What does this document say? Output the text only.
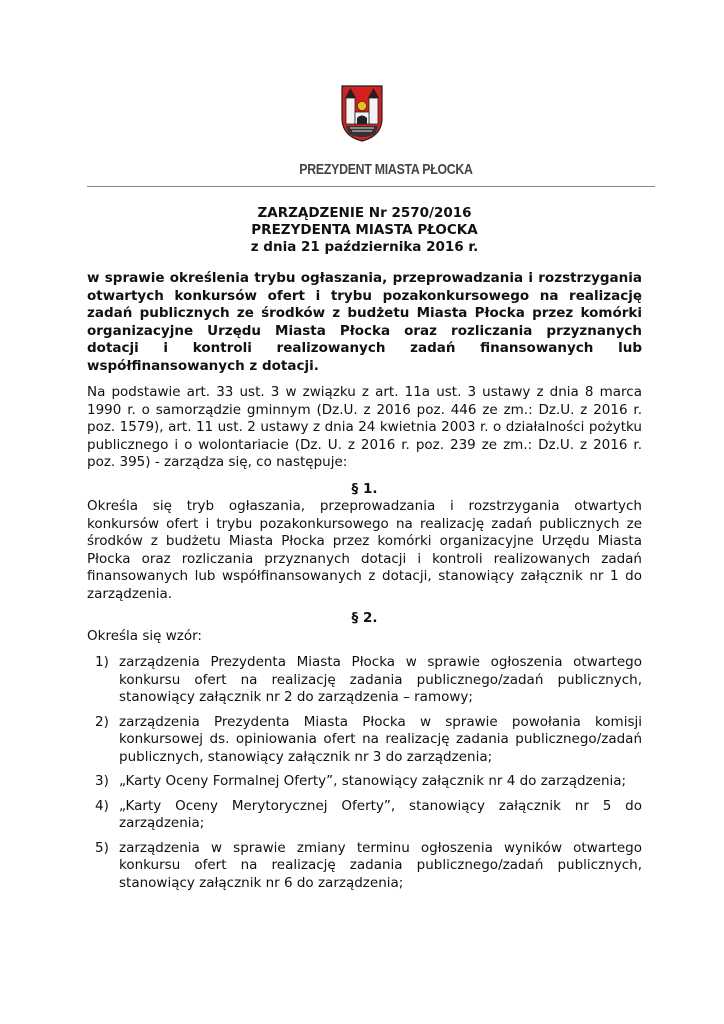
PREZYDENT MIASTA PŁOCKA
ZARZĄDZENIE Nr 2570/2016
PREZYDENTA MIASTA PŁOCKA
z dnia 21 października 2016 r.
w sprawie określenia trybu ogłaszania, przeprowadzania i rozstrzygania otwartych konkursów ofert i trybu pozakonkursowego na realizację zadań publicznych ze środków z budżetu Miasta Płocka przez komórki organizacyjne Urzędu Miasta Płocka oraz rozliczania przyznanych dotacji i kontroli realizowanych zadań finansowanych lub współfinansowanych z dotacji.
Na podstawie art. 33 ust. 3 w związku z art. 11a ust. 3 ustawy z dnia 8 marca 1990 r. o samorządzie gminnym (Dz.U. z 2016 poz. 446 ze zm.: Dz.U. z 2016 r. poz. 1579), art. 11 ust. 2 ustawy z dnia 24 kwietnia 2003 r. o działalności pożytku publicznego i o wolontariacie (Dz. U. z 2016 r. poz. 239 ze zm.: Dz.U. z 2016 r. poz. 395) - zarządza się, co następuje:
§ 1.
Określa się tryb ogłaszania, przeprowadzania i rozstrzygania otwartych konkursów ofert i trybu pozakonkursowego na realizację zadań publicznych ze środków z budżetu Miasta Płocka przez komórki organizacyjne Urzędu Miasta Płocka oraz rozliczania przyznanych dotacji i kontroli realizowanych zadań finansowanych lub współfinansowanych z dotacji, stanowiący załącznik nr 1 do zarządzenia.
§ 2.
Określa się wzór:
1) zarządzenia Prezydenta Miasta Płocka w sprawie ogłoszenia otwartego konkursu ofert na realizację zadania publicznego/zadań publicznych, stanowiący załącznik nr 2 do zarządzenia – ramowy;
2) zarządzenia Prezydenta Miasta Płocka w sprawie powołania komisji konkursowej ds. opiniowania ofert na realizację zadania publicznego/zadań publicznych, stanowiący załącznik nr 3 do zarządzenia;
3) „Karty Oceny Formalnej Oferty”, stanowiący załącznik nr 4 do zarządzenia;
4) „Karty Oceny Merytorycznej Oferty”, stanowiący załącznik nr 5 do zarządzenia;
5) zarządzenia w sprawie zmiany terminu ogłoszenia wyników otwartego konkursu ofert na realizację zadania publicznego/zadań publicznych, stanowiący załącznik nr 6 do zarządzenia;
